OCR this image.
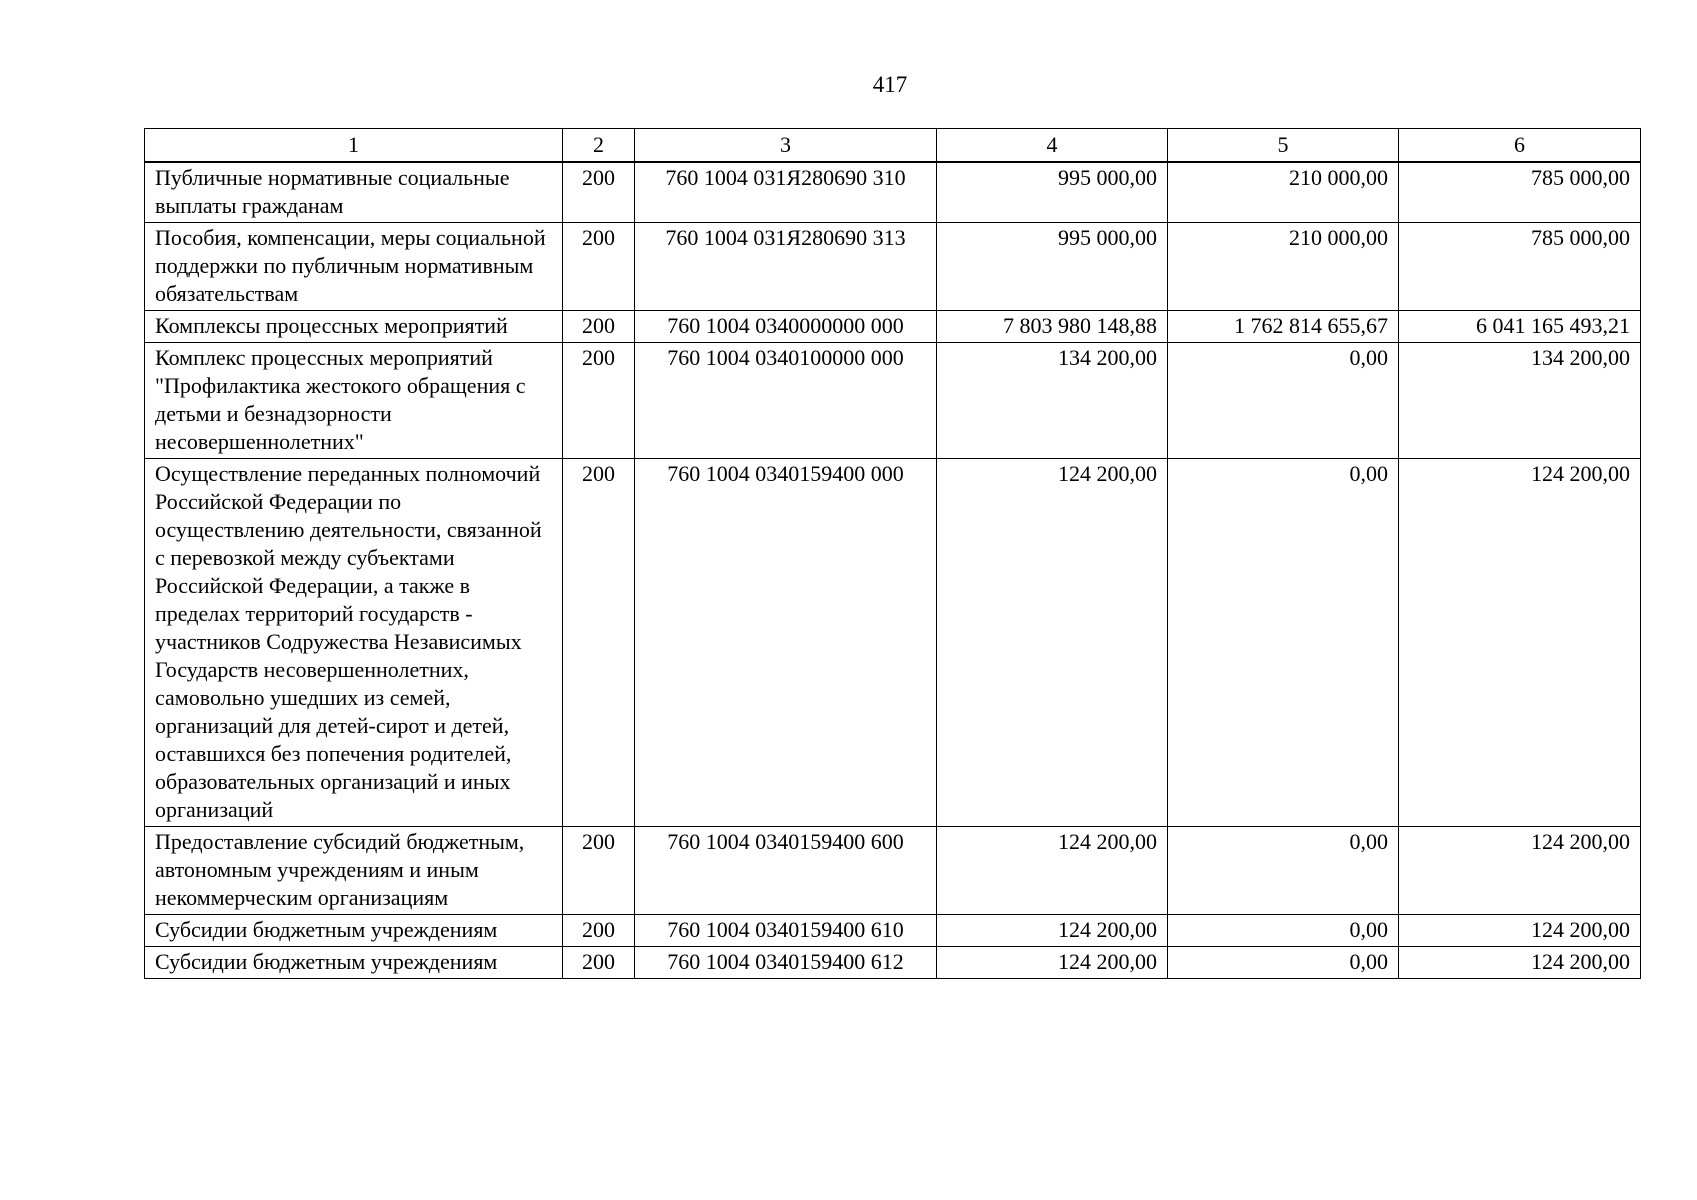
417
1	2	3	4	5	6
Публичные нормативные социальные выплаты гражданам	200	760 1004 031Я280690 310	995 000,00	210 000,00	785 000,00
Пособия, компенсации, меры социальной поддержки по публичным нормативным обязательствам	200	760 1004 031Я280690 313	995 000,00	210 000,00	785 000,00
Комплексы процессных мероприятий	200	760 1004 0340000000 000	7 803 980 148,88	1 762 814 655,67	6 041 165 493,21
Комплекс процессных мероприятий "Профилактика жестокого обращения с детьми и безнадзорности несовершеннолетних"	200	760 1004 0340100000 000	134 200,00	0,00	134 200,00
Осуществление переданных полномочий Российской Федерации по осуществлению деятельности, связанной с перевозкой между субъектами Российской Федерации, а также в пределах территорий государств - участников Содружества Независимых Государств несовершеннолетних, самовольно ушедших из семей, организаций для детей-сирот и детей, оставшихся без попечения родителей, образовательных организаций и иных организаций	200	760 1004 0340159400 000	124 200,00	0,00	124 200,00
Предоставление субсидий бюджетным, автономным учреждениям и иным некоммерческим организациям	200	760 1004 0340159400 600	124 200,00	0,00	124 200,00
Субсидии бюджетным учреждениям	200	760 1004 0340159400 610	124 200,00	0,00	124 200,00
Субсидии бюджетным учреждениям	200	760 1004 0340159400 612	124 200,00	0,00	124 200,00
